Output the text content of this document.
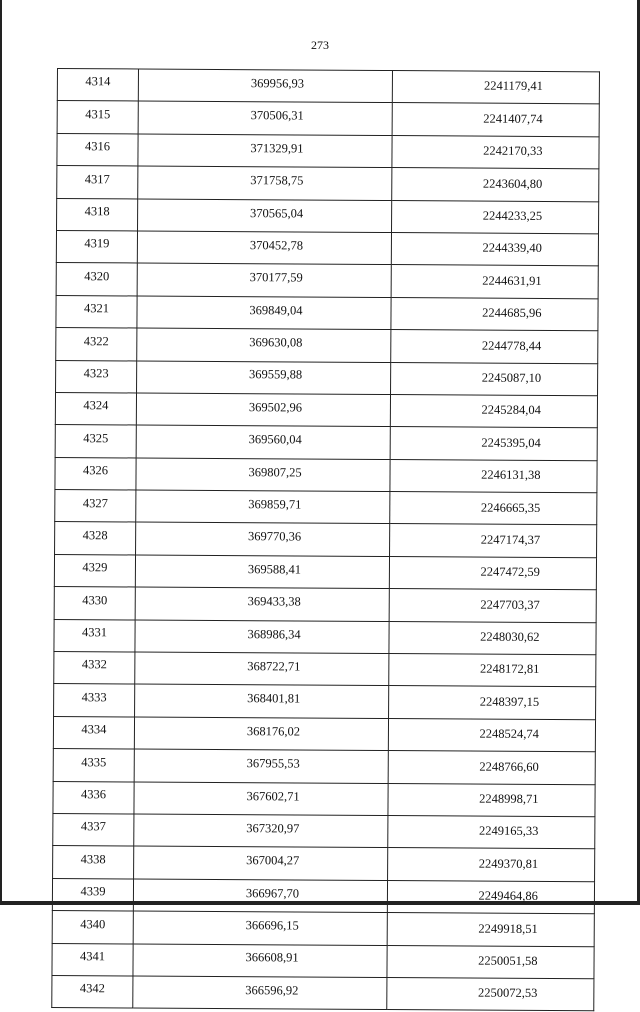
273
4314	369956,93	2241179,41
4315	370506,31	2241407,74
4316	371329,91	2242170,33
4317	371758,75	2243604,80
4318	370565,04	2244233,25
4319	370452,78	2244339,40
4320	370177,59	2244631,91
4321	369849,04	2244685,96
4322	369630,08	2244778,44
4323	369559,88	2245087,10
4324	369502,96	2245284,04
4325	369560,04	2245395,04
4326	369807,25	2246131,38
4327	369859,71	2246665,35
4328	369770,36	2247174,37
4329	369588,41	2247472,59
4330	369433,38	2247703,37
4331	368986,34	2248030,62
4332	368722,71	2248172,81
4333	368401,81	2248397,15
4334	368176,02	2248524,74
4335	367955,53	2248766,60
4336	367602,71	2248998,71
4337	367320,97	2249165,33
4338	367004,27	2249370,81
4339	366967,70	2249464,86
4340	366696,15	2249918,51
4341	366608,91	2250051,58
4342	366596,92	2250072,53
